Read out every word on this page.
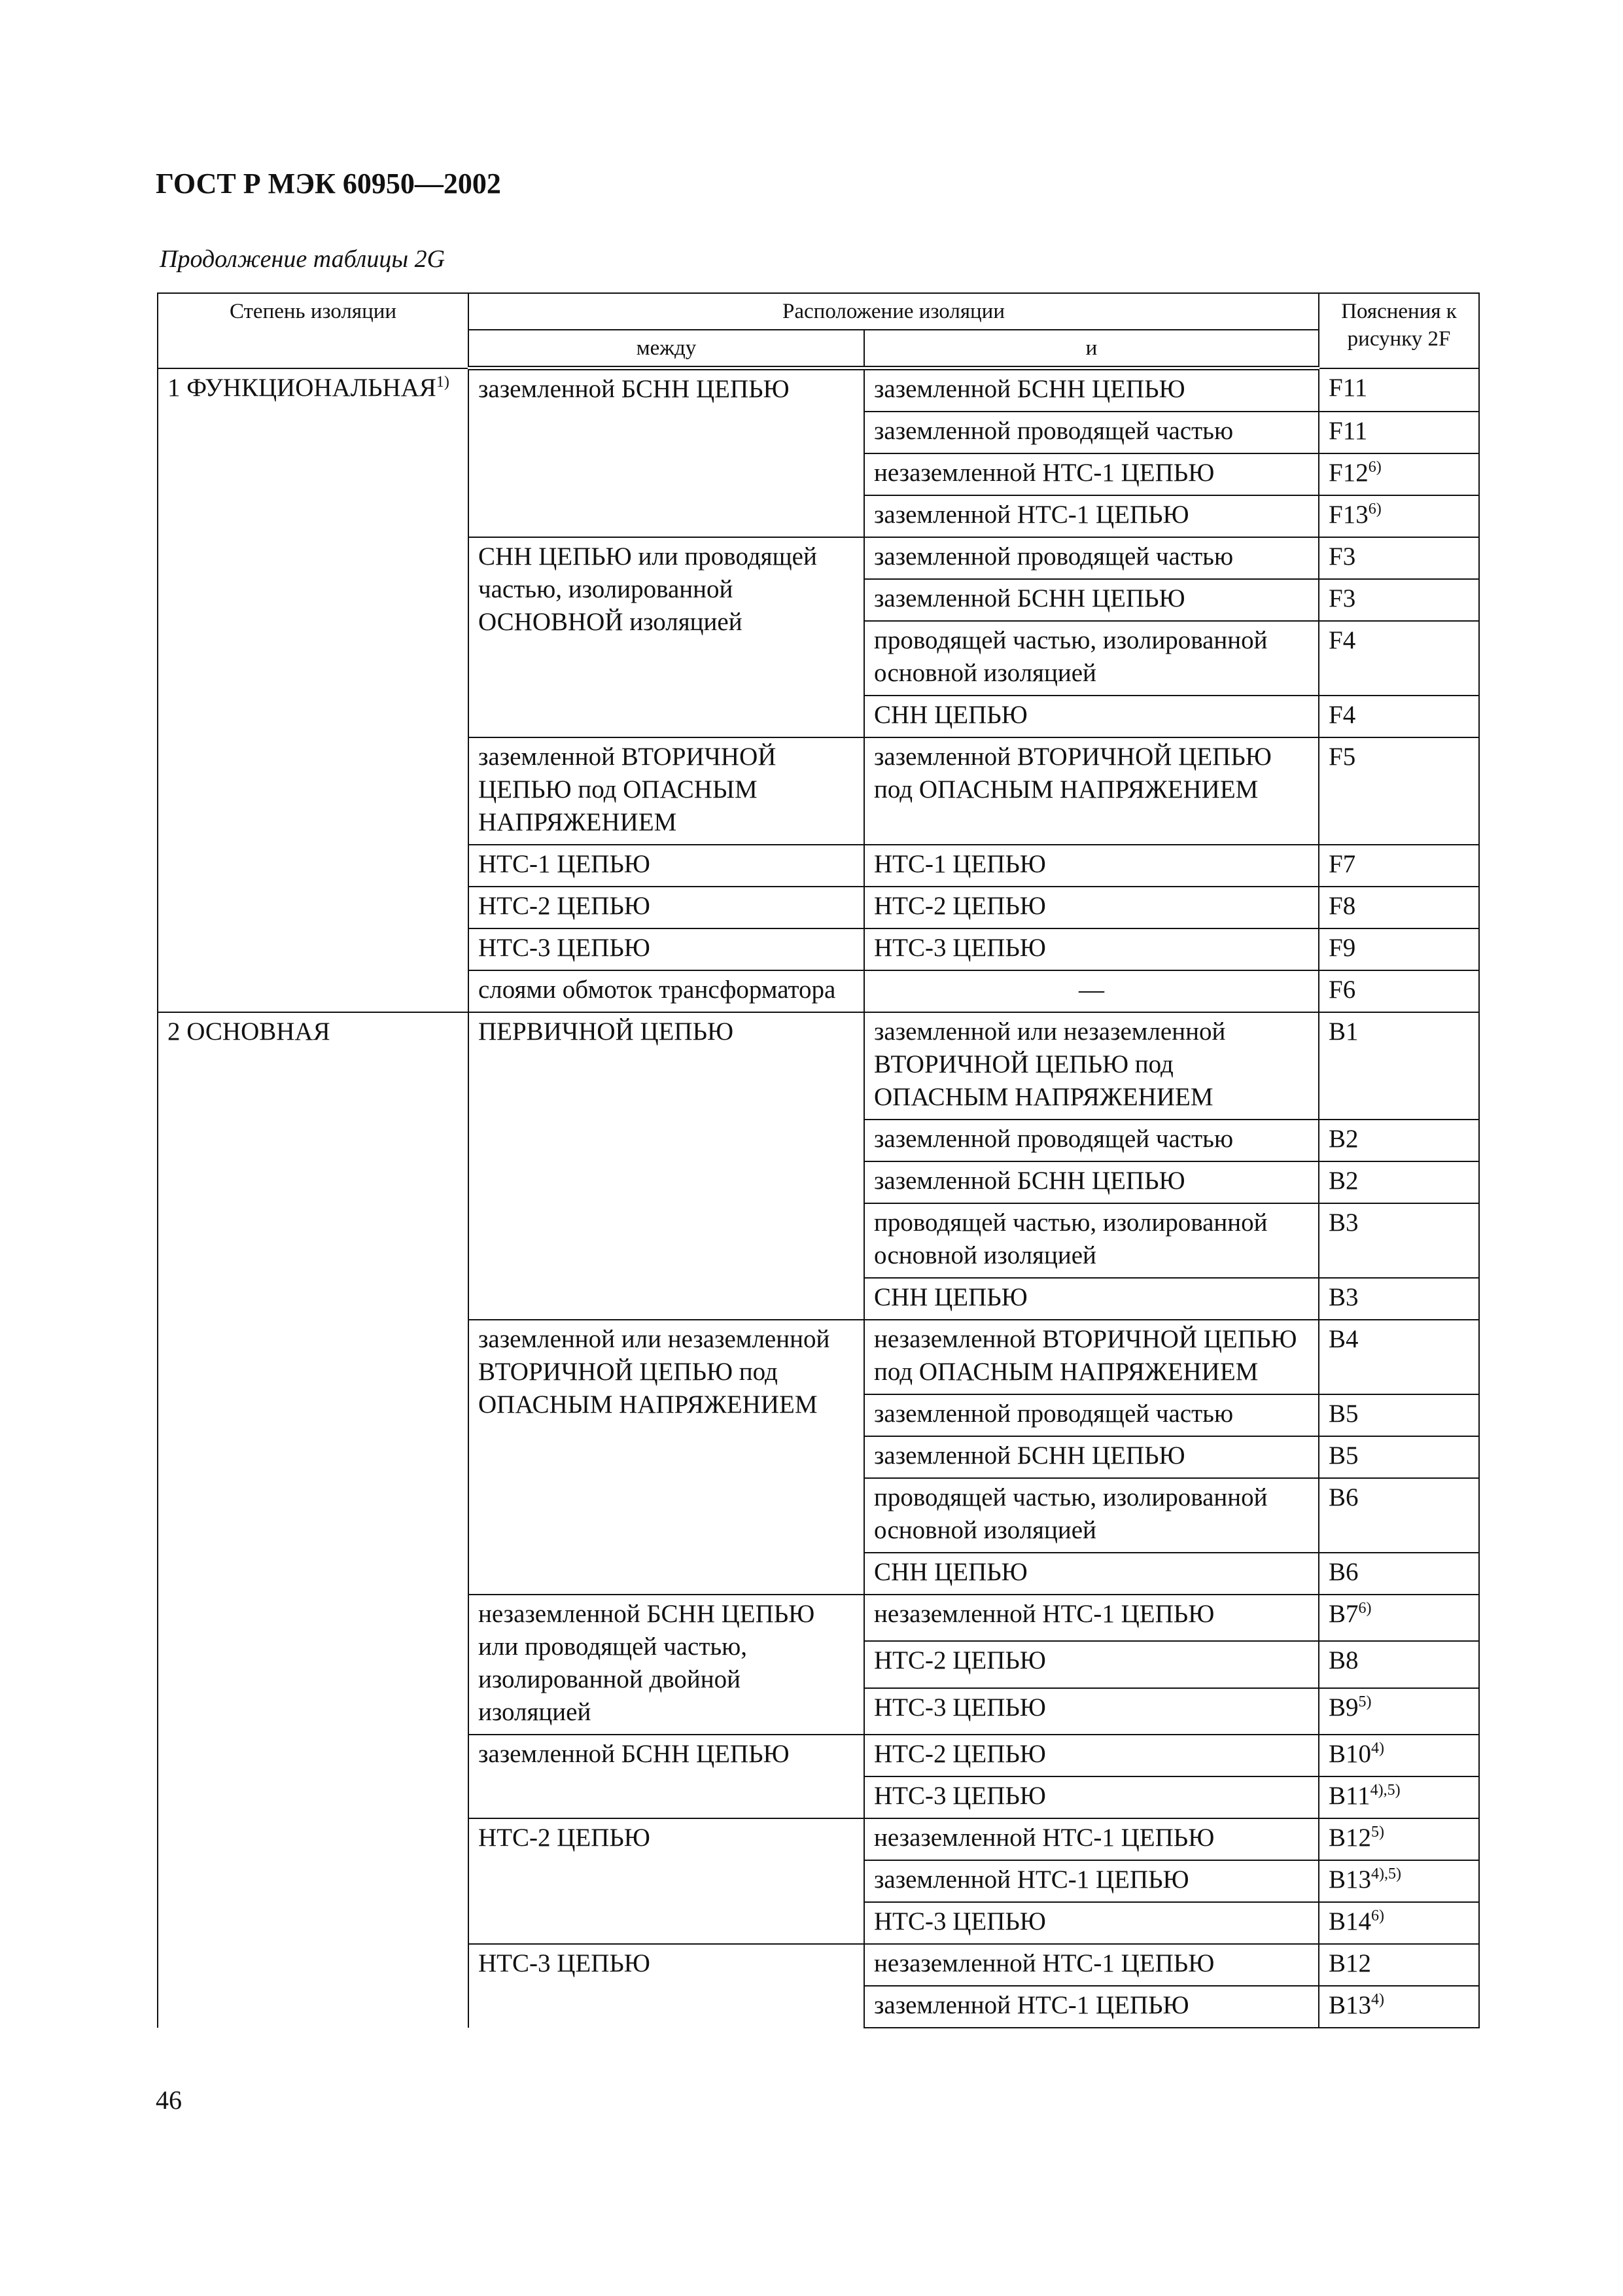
ГОСТ Р МЭК 60950—2002
Продолжение таблицы 2G
Степень изоляции	Расположение изоляции		Пояснения к рисунку 2F
	между	и	
1 ФУНКЦИОНАЛЬНАЯ$^{1)}$	заземленной БСНН ЦЕПЬЮ	заземленной БСНН ЦЕПЬЮ	F11
		заземленной проводящей частью	F11
		незаземленной НТС-1 ЦЕПЬЮ	F12$^{6)}$
		заземленной НТС-1 ЦЕПЬЮ	F13$^{6)}$
	СНН ЦЕПЬЮ или проводящей частью, изолированной ОСНОВНОЙ изоляцией	заземленной проводящей частью	F3
		заземленной БСНН ЦЕПЬЮ	F3
		проводящей частью, изолированной основной изоляцией	F4
		СНН ЦЕПЬЮ	F4
	заземленной ВТОРИЧНОЙ ЦЕПЬЮ под ОПАСНЫМ НАПРЯЖЕНИЕМ	заземленной ВТОРИЧНОЙ ЦЕПЬЮ под ОПАСНЫМ НАПРЯЖЕНИЕМ	F5
	НТС-1 ЦЕПЬЮ	НТС-1 ЦЕПЬЮ	F7
	НТС-2 ЦЕПЬЮ	НТС-2 ЦЕПЬЮ	F8
	НТС-3 ЦЕПЬЮ	НТС-3 ЦЕПЬЮ	F9
	слоями обмоток трансформатора	—	F6
2 ОСНОВНАЯ	ПЕРВИЧНОЙ ЦЕПЬЮ	заземленной или незаземленной ВТОРИЧНОЙ ЦЕПЬЮ под ОПАСНЫМ НАПРЯЖЕНИЕМ	B1
		заземленной проводящей частью	B2
		заземленной БСНН ЦЕПЬЮ	B2
		проводящей частью, изолированной основной изоляцией	B3
		СНН ЦЕПЬЮ	B3
	заземленной или незаземленной ВТОРИЧНОЙ ЦЕПЬЮ под ОПАСНЫМ НАПРЯЖЕНИЕМ	незаземленной ВТОРИЧНОЙ ЦЕПЬЮ под ОПАСНЫМ НАПРЯЖЕНИЕМ	B4
		заземленной проводящей частью	B5
		заземленной БСНН ЦЕПЬЮ	B5
		проводящей частью, изолированной основной изоляцией	B6
		СНН ЦЕПЬЮ	B6
	незаземленной БСНН ЦЕПЬЮ или проводящей частью, изолированной двойной изоляцией	незаземленной НТС-1 ЦЕПЬЮ	B7$^{6)}$
		НТС-2 ЦЕПЬЮ	B8
		НТС-3 ЦЕПЬЮ	B9$^{5)}$
	заземленной БСНН ЦЕПЬЮ	НТС-2 ЦЕПЬЮ	B10$^{4)}$
		НТС-3 ЦЕПЬЮ	$B11^{4),5)}$
	НТС-2 ЦЕПЬЮ	незаземленной НТС-1 ЦЕПЬЮ	B12$^{5)}$
		заземленной НТС-1 ЦЕПЬЮ	$B13^{4),5)}$
		НТС-3 ЦЕПЬЮ	B14$^{6)}$
	НТС-3 ЦЕПЬЮ	незаземленной НТС-1 ЦЕПЬЮ	B12
		заземленной НТС-1 ЦЕПЬЮ	B13$^{4)}$
46
